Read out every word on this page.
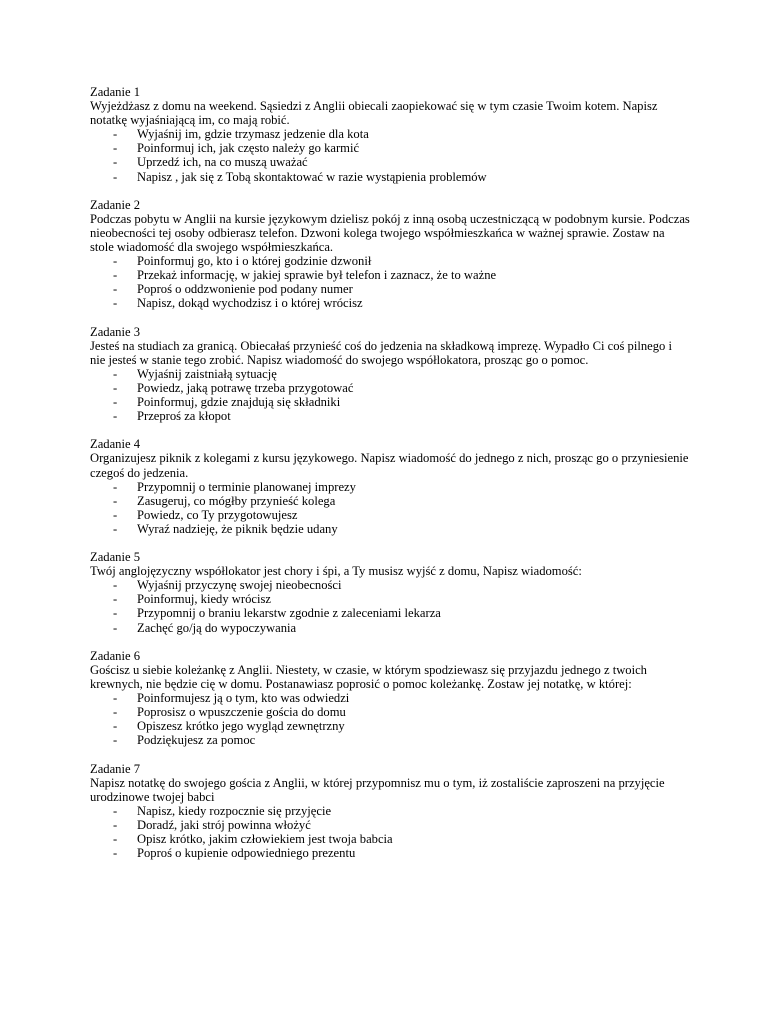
Zadanie 1

Wyjeżdżasz z domu na weekend. Sąsiedzi z Anglii obiecali zaopiekować się w tym czasie Twoim kotem. Napisz notatkę wyjaśniającą im, co mają robić.

- Wyjaśnij im, gdzie trzymasz jedzenie dla kota
- Poinformuj ich, jak często należy go karmić
- Uprzedź ich, na co muszą uważać
- Napisz , jak się z Tobą skontaktować w razie wystąpienia problemów

Zadanie 2

Podczas pobytu w Anglii na kursie językowym dzielisz pokój z inną osobą uczestniczącą w podobnym kursie. Podczas nieobecności tej osoby odbierasz telefon. Dzwoni kolega twojego współmieszkańca w ważnej sprawie. Zostaw na stole wiadomość dla swojego współmieszkańca.

- Poinformuj go, kto i o której godzinie dzwonił
- Przekaż informację, w jakiej sprawie był telefon i zaznacz, że to ważne
- Poproś o oddzwonienie pod podany numer
- Napisz, dokąd wychodzisz i o której wrócisz

Zadanie 3

Jesteś na studiach za granicą. Obiecałaś przynieść coś do jedzenia na składkową imprezę. Wypadło Ci coś pilnego i nie jesteś w stanie tego zrobić. Napisz wiadomość do swojego współlokatora, prosząc go o pomoc.

- Wyjaśnij zaistniałą sytuację
- Powiedz, jaką potrawę trzeba przygotować
- Poinformuj, gdzie znajdują się składniki
- Przeproś za kłopot

Zadanie 4

Organizujesz piknik z kolegami z kursu językowego. Napisz wiadomość do jednego z nich, prosząc go o przyniesienie czegoś do jedzenia.

- Przypomnij o terminie planowanej imprezy
- Zasugeruj, co mógłby przynieść kolega
- Powiedz, co Ty przygotowujesz
- Wyraź nadzieję, że piknik będzie udany

Zadanie 5

Twój anglojęzyczny współlokator jest chory i śpi, a Ty musisz wyjść z domu, Napisz wiadomość:

- Wyjaśnij przyczynę swojej nieobecności
- Poinformuj, kiedy wrócisz
- Przypomnij o braniu lekarstw zgodnie z zaleceniami lekarza
- Zachęć go/ją do wypoczywania

Zadanie 6

Gościsz u siebie koleżankę z Anglii. Niestety, w czasie, w którym spodziewasz się przyjazdu jednego z twoich krewnych, nie będzie cię w domu. Postanawiasz poprosić o pomoc koleżankę. Zostaw jej notatkę, w której:

- Poinformujesz ją o tym, kto was odwiedzi
- Poprosisz o wpuszczenie gościa do domu
- Opiszesz krótko jego wygląd zewnętrzny
- Podziękujesz za pomoc

Zadanie 7

Napisz notatkę do swojego gościa z Anglii, w której przypomnisz mu o tym, iż zostaliście zaproszeni na przyjęcie urodzinowe twojej babci

- Napisz, kiedy rozpocznie się przyjęcie
- Doradź, jaki strój powinna włożyć
- Opisz krótko, jakim człowiekiem jest twoja babcia
- Poproś o kupienie odpowiedniego prezentu
